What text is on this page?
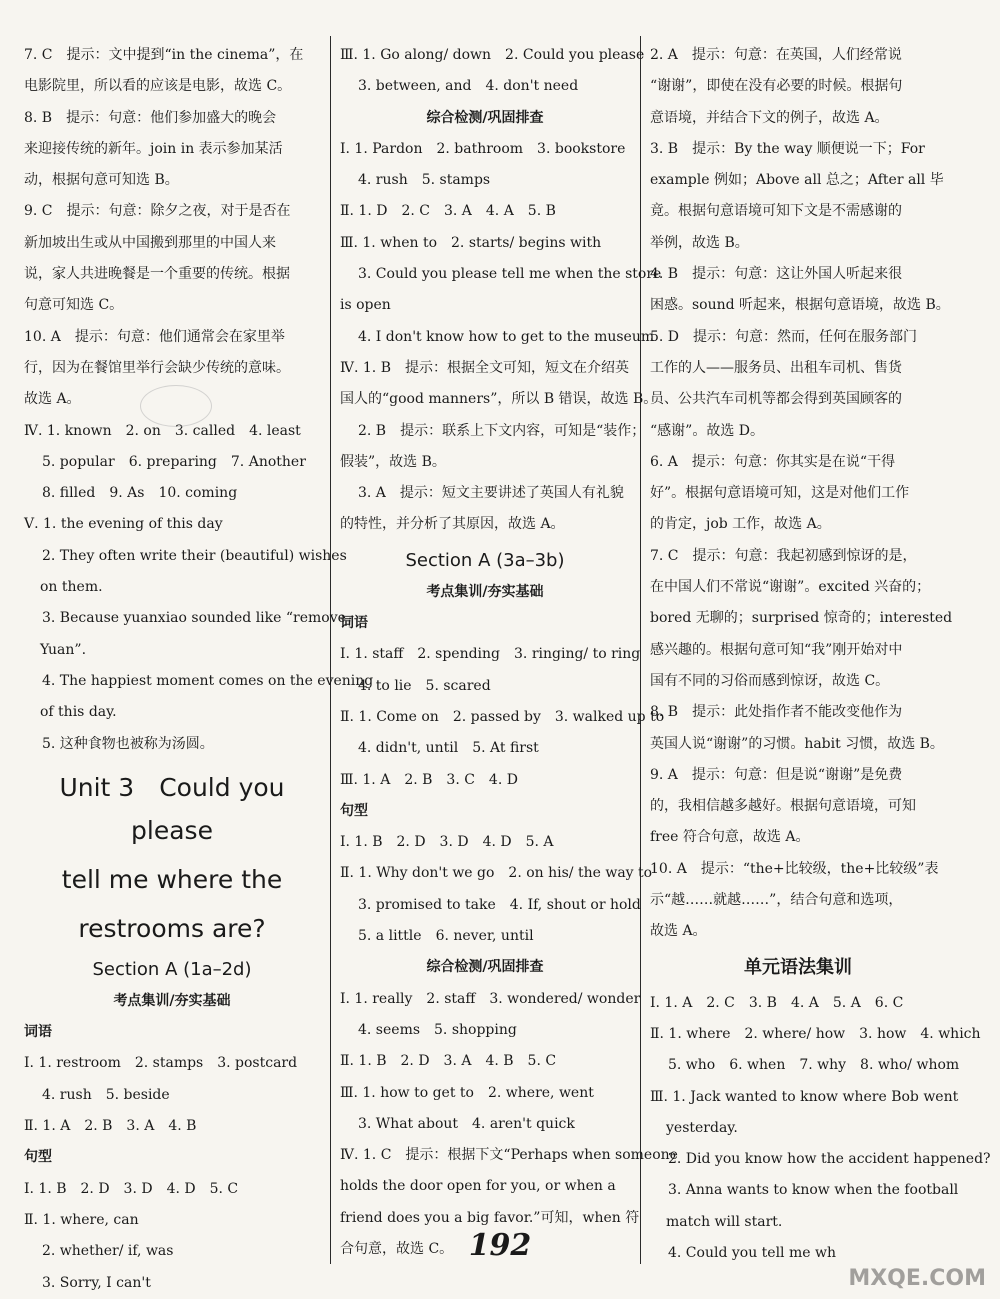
7. C　提示：文中提到“in the cinema”，在
电影院里，所以看的应该是电影，故选 C。
8. B　提示：句意：他们参加盛大的晚会
来迎接传统的新年。join in 表示参加某活
动，根据句意可知选 B。
9. C　提示：句意：除夕之夜，对于是否在
新加坡出生或从中国搬到那里的中国人来
说，家人共进晚餐是一个重要的传统。根据
句意可知选 C。
10. A　提示：句意：他们通常会在家里举
行，因为在餐馆里举行会缺少传统的意味。
故选 A。
Ⅳ. 1. known　2. on　3. called　4. least
5. popular　6. preparing　7. Another
8. filled　9. As　10. coming
Ⅴ. 1. the evening of this day
2. They often write their (beautiful) wishes
on them.
3. Because yuanxiao sounded like “remove
Yuan”.
4. The happiest moment comes on the evening
of this day.
5. 这种食物也被称为汤圆。
Unit 3　Could you please
tell me where the
restrooms are?
Section A (1a–2d)
考点集训/夯实基础
词语
Ⅰ. 1. restroom　2. stamps　3. postcard
4. rush　5. beside
Ⅱ. 1. A　2. B　3. A　4. B
句型
Ⅰ. 1. B　2. D　3. D　4. D　5. C
Ⅱ. 1. where, can
2. whether/ if, was
3. Sorry, I can't
Ⅲ. 1. Go along/ down　2. Could you please
3. between, and　4. don't need
综合检测/巩固排查
Ⅰ. 1. Pardon　2. bathroom　3. bookstore
4. rush　5. stamps
Ⅱ. 1. D　2. C　3. A　4. A　5. B
Ⅲ. 1. when to　2. starts/ begins with
3. Could you please tell me when the store
is open
4. I don't know how to get to the museum
Ⅳ. 1. B　提示：根据全文可知，短文在介绍英
国人的“good manners”，所以 B 错误，故选 B。
2. B　提示：联系上下文内容，可知是“装作；
假装”，故选 B。
3. A　提示：短文主要讲述了英国人有礼貌
的特性，并分析了其原因，故选 A。
Section A (3a–3b)
考点集训/夯实基础
词语
Ⅰ. 1. staff　2. spending　3. ringing/ to ring
4. to lie　5. scared
Ⅱ. 1. Come on　2. passed by　3. walked up to
4. didn't, until　5. At first
Ⅲ. 1. A　2. B　3. C　4. D
句型
Ⅰ. 1. B　2. D　3. D　4. D　5. A
Ⅱ. 1. Why don't we go　2. on his/ the way to
3. promised to take　4. If, shout or hold
5. a little　6. never, until
综合检测/巩固排查
Ⅰ. 1. really　2. staff　3. wondered/ wonder
4. seems　5. shopping
Ⅱ. 1. B　2. D　3. A　4. B　5. C
Ⅲ. 1. how to get to　2. where, went
3. What about　4. aren't quick
Ⅳ. 1. C　提示：根据下文“Perhaps when someone
holds the door open for you, or when a
friend does you a big favor.”可知，when 符
合句意，故选 C。
2. A　提示：句意：在英国，人们经常说
“谢谢”，即使在没有必要的时候。根据句
意语境，并结合下文的例子，故选 A。
3. B　提示：By the way 顺便说一下；For
example 例如；Above all 总之；After all 毕
竟。根据句意语境可知下文是不需感谢的
举例，故选 B。
4. B　提示：句意：这让外国人听起来很
困惑。sound 听起来，根据句意语境，故选 B。
5. D　提示：句意：然而，任何在服务部门
工作的人——服务员、出租车司机、售货
员、公共汽车司机等都会得到英国顾客的
“感谢”。故选 D。
6. A　提示：句意：你其实是在说“干得
好”。根据句意语境可知，这是对他们工作
的肯定，job 工作，故选 A。
7. C　提示：句意：我起初感到惊讶的是，
在中国人们不常说“谢谢”。excited 兴奋的；
bored 无聊的；surprised 惊奇的；interested
感兴趣的。根据句意可知“我”刚开始对中
国有不同的习俗而感到惊讶，故选 C。
8. B　提示：此处指作者不能改变他作为
英国人说“谢谢”的习惯。habit 习惯，故选 B。
9. A　提示：句意：但是说“谢谢”是免费
的，我相信越多越好。根据句意语境，可知
free 符合句意，故选 A。
10. A　提示：“the+比较级，the+比较级”表
示“越……就越……”，结合句意和选项，
故选 A。
单元语法集训
Ⅰ. 1. A　2. C　3. B　4. A　5. A　6. C
Ⅱ. 1. where　2. where/ how　3. how　4. which
5. who　6. when　7. why　8. who/ whom
Ⅲ. 1. Jack wanted to know where Bob went
yesterday.
2. Did you know how the accident happened?
3. Anna wants to know when the football
match will start.
4. Could you tell me wh
192
MXQE.COM
